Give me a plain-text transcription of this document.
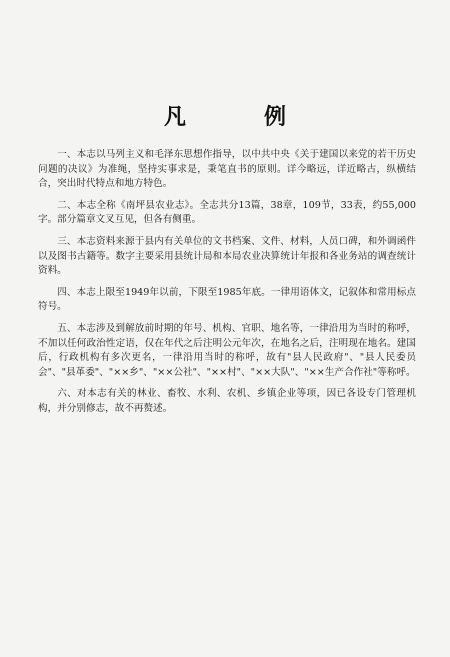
凡　例

一、本志以马列主义和毛泽东思想作指导，以中共中央《关于建国以来党的若干历史问题的决议》为准绳，坚持实事求是，秉笔直书的原则。详今略远，详近略古，纵横结合，突出时代特点和地方特色。

二、本志全称《南坪县农业志》。全志共分13篇，38章，109节，33表，约55,000字。部分篇章文叉互见，但各有侧重。

三、本志资料来源于县内有关单位的文书档案、文件、材料，人员口碑，和外调函件以及图书古籍等。数字主要采用县统计局和本局农业决算统计年报和各业务站的调查统计资料。

四、本志上限至1949年以前，下限至1985年底。一律用语体文，记叙体和常用标点符号。

五、本志涉及到解放前时期的年号、机构、官职、地名等，一律沿用为当时的称呼，不加以任何政治性定语，仅在年代之后注明公元年次，在地名之后，注明现在地名。建国后，行政机构有多次更名，一律沿用当时的称呼，故有"县人民政府"、"县人民委员会"、"县革委"、"××乡"、"××公社"、"××村"、"××大队"、"××生产合作社"等称呼。

六、对本志有关的林业、畜牧、水利、农机、乡镇企业等项，因已各设专门管理机构，并分别修志，故不再赘述。
